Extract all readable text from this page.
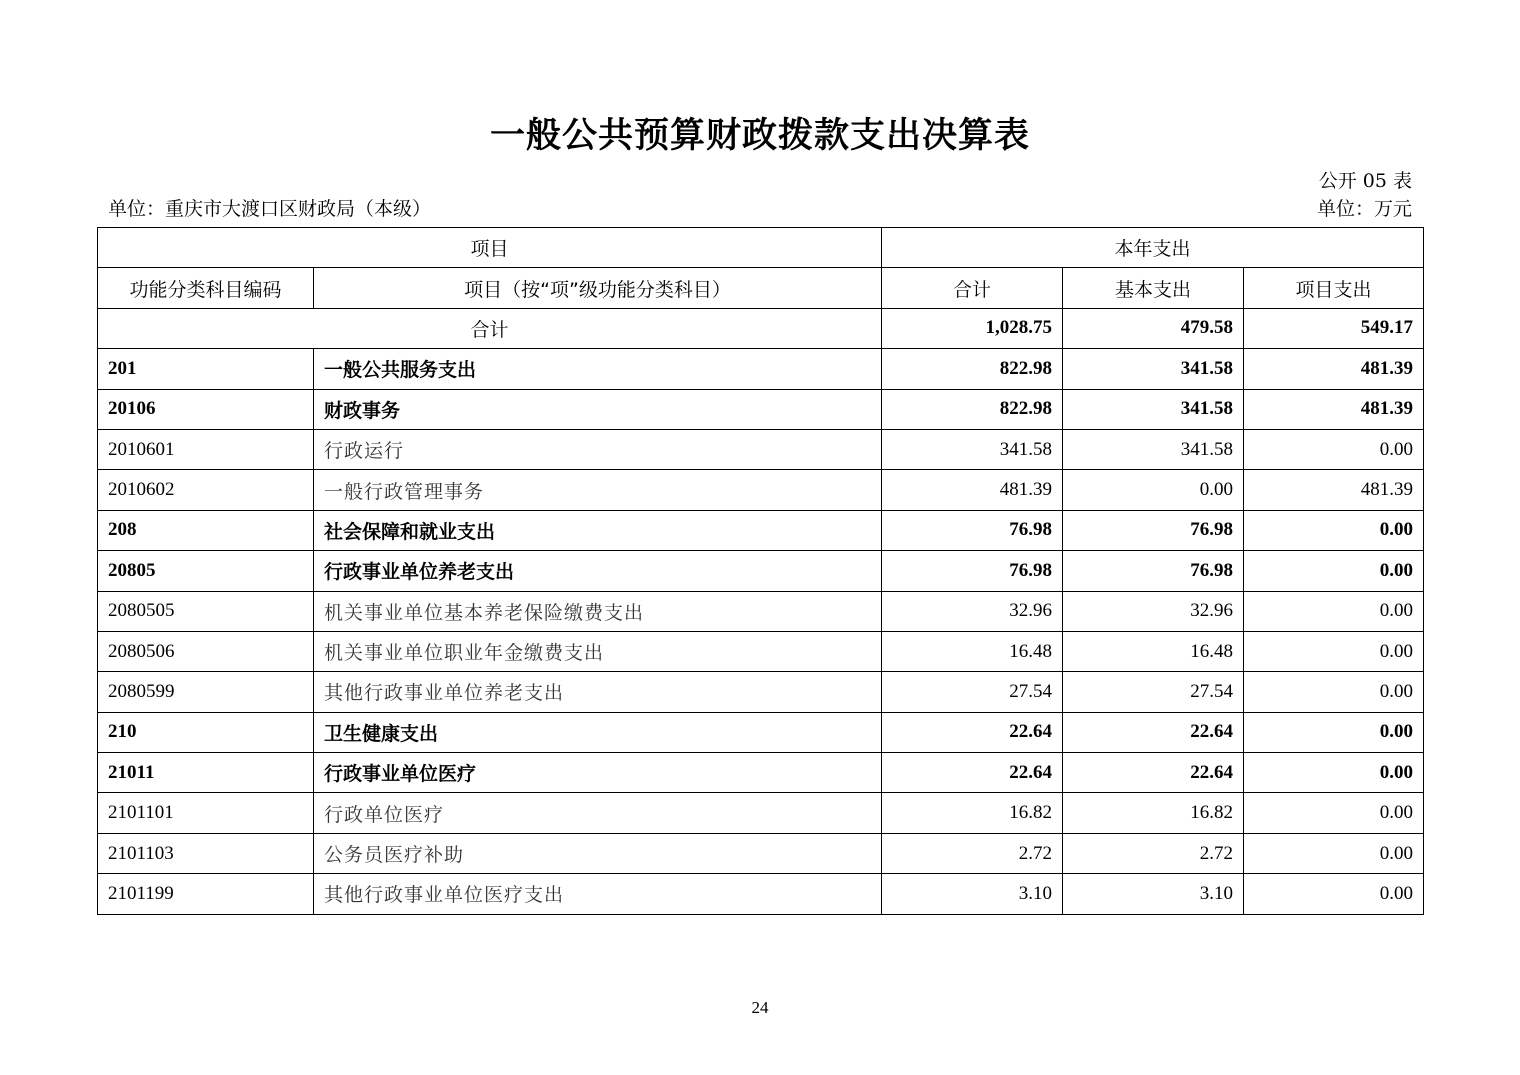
一般公共预算财政拨款支出决算表
公开 05 表
单位：重庆市大渡口区财政局（本级）	单位：万元
项目		本年支出		
功能分类科目编码	项目（按“项”级功能分类科目）	合计	基本支出	项目支出
合计		1,028.75	479.58	549.17
201	一般公共服务支出	822.98	341.58	481.39
20106	财政事务	822.98	341.58	481.39
2010601	行政运行	341.58	341.58	0.00
2010602	一般行政管理事务	481.39	0.00	481.39
208	社会保障和就业支出	76.98	76.98	0.00
20805	行政事业单位养老支出	76.98	76.98	0.00
2080505	机关事业单位基本养老保险缴费支出	32.96	32.96	0.00
2080506	机关事业单位职业年金缴费支出	16.48	16.48	0.00
2080599	其他行政事业单位养老支出	27.54	27.54	0.00
210	卫生健康支出	22.64	22.64	0.00
21011	行政事业单位医疗	22.64	22.64	0.00
2101101	行政单位医疗	16.82	16.82	0.00
2101103	公务员医疗补助	2.72	2.72	0.00
2101199	其他行政事业单位医疗支出	3.10	3.10	0.00
24
